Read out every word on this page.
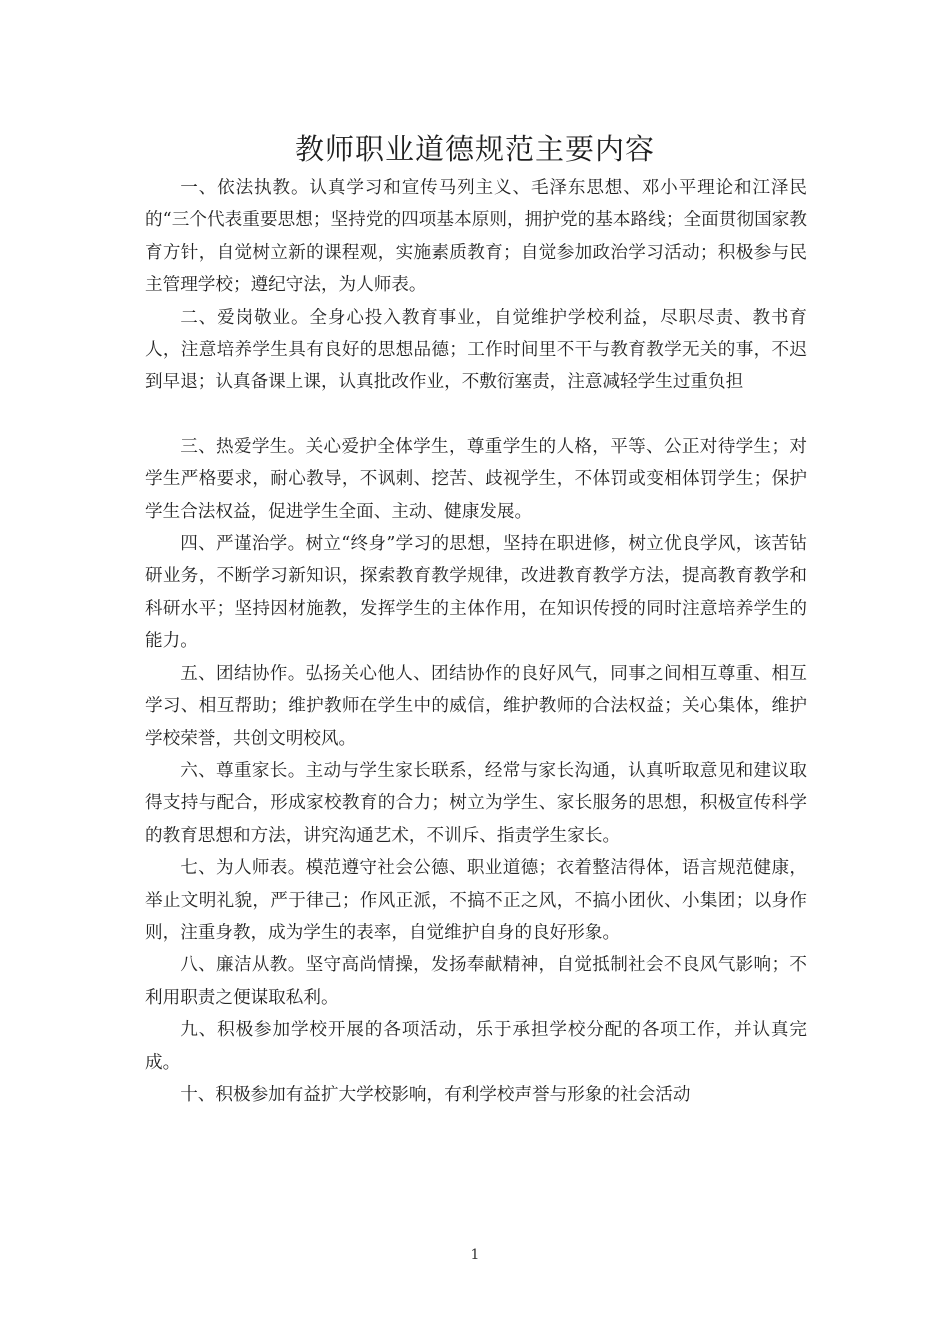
教师职业道德规范主要内容

一、依法执教。认真学习和宣传马列主义、毛泽东思想、邓小平理论和江泽民的“三个代表重要思想；坚持党的四项基本原则，拥护党的基本路线；全面贯彻国家教育方针，自觉树立新的课程观，实施素质教育；自觉参加政治学习活动；积极参与民主管理学校；遵纪守法，为人师表。

二、爱岗敬业。全身心投入教育事业，自觉维护学校利益，尽职尽责、教书育人，注意培养学生具有良好的思想品德；工作时间里不干与教育教学无关的事，不迟到早退；认真备课上课，认真批改作业，不敷衍塞责，注意减轻学生过重负担

三、热爱学生。关心爱护全体学生，尊重学生的人格，平等、公正对待学生；对学生严格要求，耐心教导，不讽刺、挖苦、歧视学生，不体罚或变相体罚学生；保护学生合法权益，促进学生全面、主动、健康发展。

四、严谨治学。树立“终身”学习的思想，坚持在职进修，树立优良学风，该苦钻研业务，不断学习新知识，探索教育教学规律，改进教育教学方法，提高教育教学和科研水平；坚持因材施教，发挥学生的主体作用，在知识传授的同时注意培养学生的能力。

五、团结协作。弘扬关心他人、团结协作的良好风气，同事之间相互尊重、相互学习、相互帮助；维护教师在学生中的威信，维护教师的合法权益；关心集体，维护学校荣誉，共创文明校风。

六、尊重家长。主动与学生家长联系，经常与家长沟通，认真听取意见和建议取得支持与配合，形成家校教育的合力；树立为学生、家长服务的思想，积极宣传科学的教育思想和方法，讲究沟通艺术，不训斥、指责学生家长。

七、为人师表。模范遵守社会公德、职业道德；衣着整洁得体，语言规范健康，举止文明礼貌，严于律己；作风正派，不搞不正之风，不搞小团伙、小集团；以身作则，注重身教，成为学生的表率，自觉维护自身的良好形象。

八、廉洁从教。坚守高尚情操，发扬奉献精神，自觉抵制社会不良风气影响；不利用职责之便谋取私利。

九、积极参加学校开展的各项活动，乐于承担学校分配的各项工作，并认真完成。

十、积极参加有益扩大学校影响，有利学校声誉与形象的社会活动

1
